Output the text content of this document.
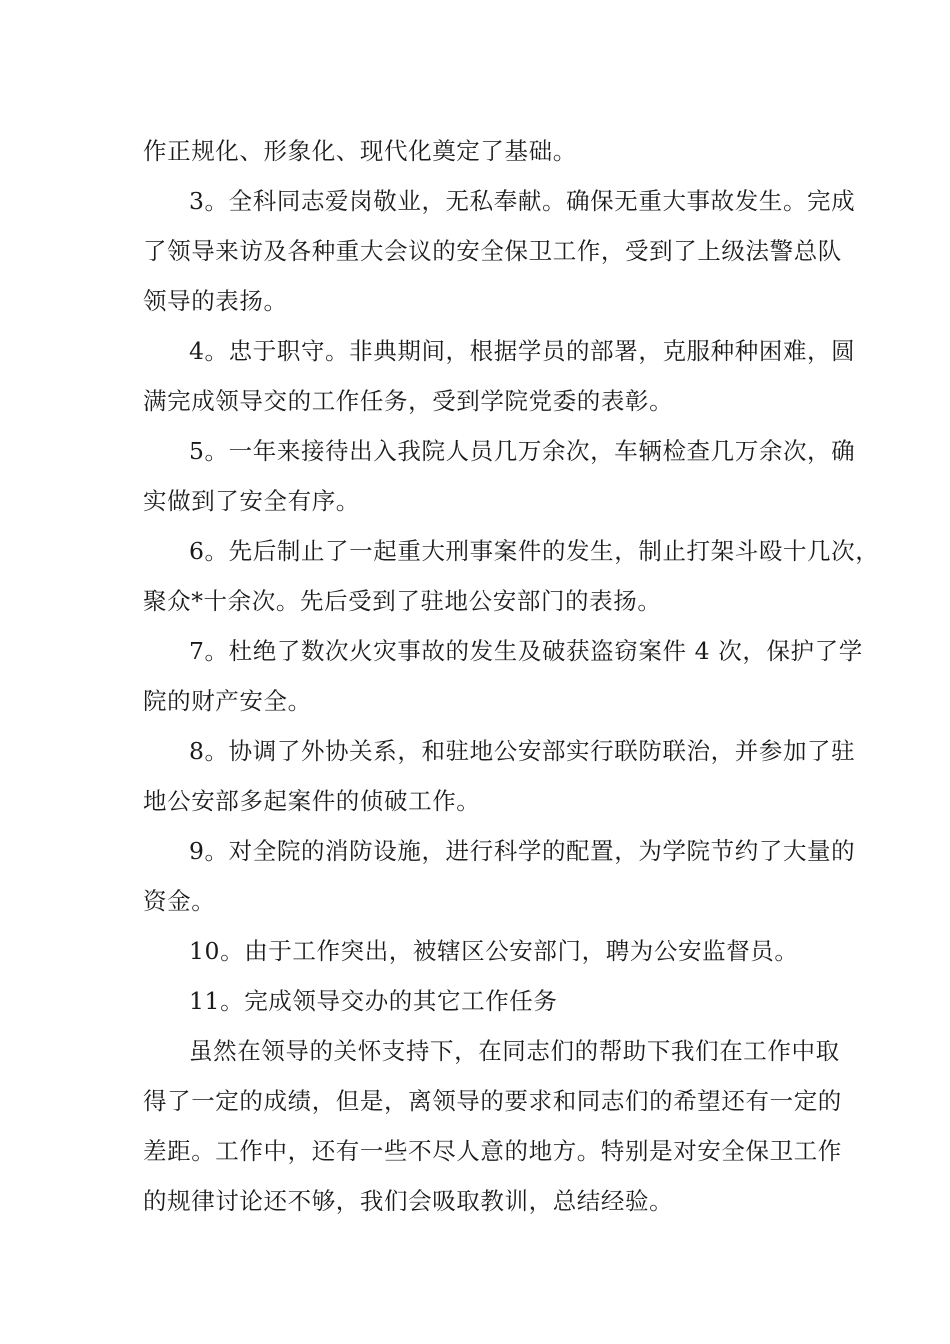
作正规化、形象化、现代化奠定了基础。
3。全科同志爱岗敬业，无私奉献。确保无重大事故发生。完成
了领导来访及各种重大会议的安全保卫工作，受到了上级法警总队
领导的表扬。
4。忠于职守。非典期间，根据学员的部署，克服种种困难，圆
满完成领导交的工作任务，受到学院党委的表彰。
5。一年来接待出入我院人员几万余次，车辆检查几万余次，确
实做到了安全有序。
6。先后制止了一起重大刑事案件的发生，制止打架斗殴十几次，
聚众*十余次。先后受到了驻地公安部门的表扬。
7。杜绝了数次火灾事故的发生及破获盗窃案件 4 次，保护了学
院的财产安全。
8。协调了外协关系，和驻地公安部实行联防联治，并参加了驻
地公安部多起案件的侦破工作。
9。对全院的消防设施，进行科学的配置，为学院节约了大量的
资金。
10。由于工作突出，被辖区公安部门，聘为公安监督员。
11。完成领导交办的其它工作任务
虽然在领导的关怀支持下，在同志们的帮助下我们在工作中取
得了一定的成绩，但是，离领导的要求和同志们的希望还有一定的
差距。工作中，还有一些不尽人意的地方。特别是对安全保卫工作
的规律讨论还不够，我们会吸取教训，总结经验。
